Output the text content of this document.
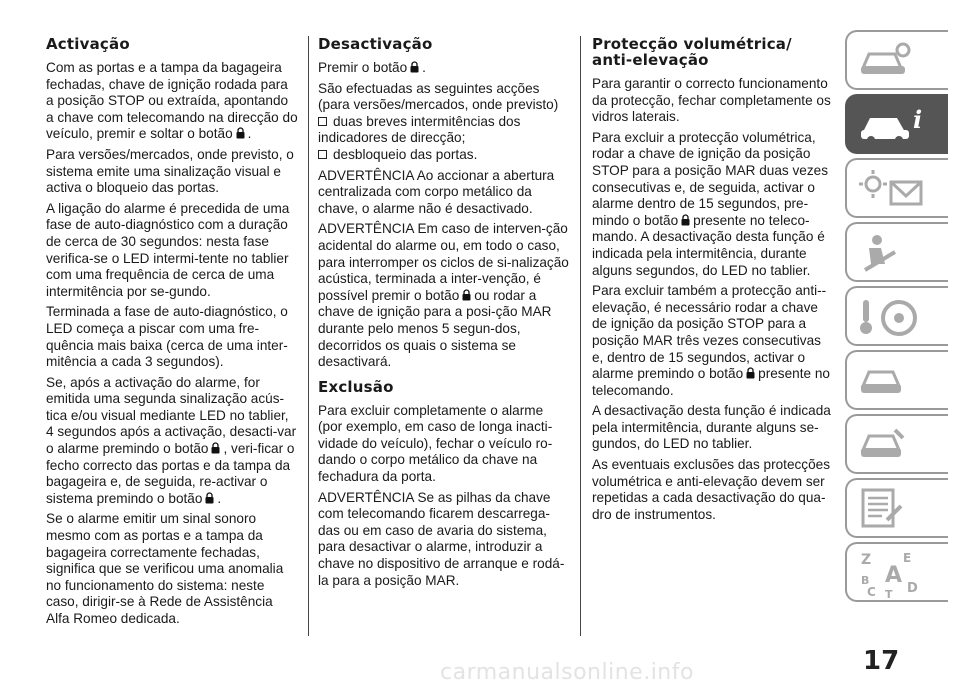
Activação

Com as portas e a tampa da bagageira fechadas, chave de ignição rodada para a posição STOP ou extraída, apontando a chave com telecomando na direcção do veículo, premir e soltar o botão .

Para versões/mercados, onde previsto, o sistema emite uma sinalização visual e activa o bloqueio das portas.

A ligação do alarme é precedida de uma fase de auto-diagnóstico com a duração de cerca de 30 segundos: nesta fase verifica-se o LED intermi-tente no tablier com uma frequência de cerca de uma intermitência por se-gundo.

Terminada a fase de auto-diagnóstico, o LED começa a piscar com uma fre-quência mais baixa (cerca de uma inter-mitência a cada 3 segundos).

Se, após a activação do alarme, for emitida uma segunda sinalização acús-tica e/ou visual mediante LED no tablier, 4 segundos após a activação, desacti-var o alarme premindo o botão , veri-ficar o fecho correcto das portas e da tampa da bagageira e, de seguida, re-activar o sistema premindo o botão .

Se o alarme emitir um sinal sonoro mesmo com as portas e a tampa da bagageira correctamente fechadas, significa que se verificou uma anomalia no funcionamento do sistema: neste caso, dirigir-se à Rede de Assistência Alfa Romeo dedicada.

Desactivação

Premir o botão .

São efectuadas as seguintes acções (para versões/mercados, onde previsto)

duas breves intermitências dos indicadores de direcção;

desbloqueio das portas.

ADVERTÊNCIA Ao accionar a abertura centralizada com corpo metálico da chave, o alarme não é desactivado.

ADVERTÊNCIA Em caso de interven-ção acidental do alarme ou, em todo o caso, para interromper os ciclos de si-nalização acústica, terminada a inter-venção, é possível premir o botão ou rodar a chave de ignição para a posi-ção MAR durante pelo menos 5 segun-dos, decorridos os quais o sistema se desactivará.

Exclusão

Para excluir completamente o alarme (por exemplo, em caso de longa inacti-vidade do veículo), fechar o veículo ro-dando o corpo metálico da chave na fechadura da porta.

ADVERTÊNCIA Se as pilhas da chave com telecomando ficarem descarrega-das ou em caso de avaria do sistema, para desactivar o alarme, introduzir a chave no dispositivo de arranque e rodá-la para a posição MAR.

Protecção volumétrica/ anti-elevação

Para garantir o correcto funcionamento da protecção, fechar completamente os vidros laterais.

Para excluir a protecção volumétrica, rodar a chave de ignição da posição STOP para a posição MAR duas vezes consecutivas e, de seguida, activar o alarme dentro de 15 segundos, pre-mindo o botão presente no teleco-mando. A desactivação desta função é indicada pela intermitência, durante alguns segundos, do LED no tablier.

Para excluir também a protecção anti--elevação, é necessário rodar a chave de ignição da posição STOP para a posição MAR três vezes consecutivas e, dentro de 15 segundos, activar o alarme premindo o botão presente no telecomando.

A desactivação desta função é indicada pela intermitência, durante alguns se-gundos, do LED no tablier.

As eventuais exclusões das protecções volumétrica e anti-elevação devem ser repetidas a cada desactivação do qua-dro de instrumentos.

i
Z	E
B A
C T D
17
carmanualsonline.info
